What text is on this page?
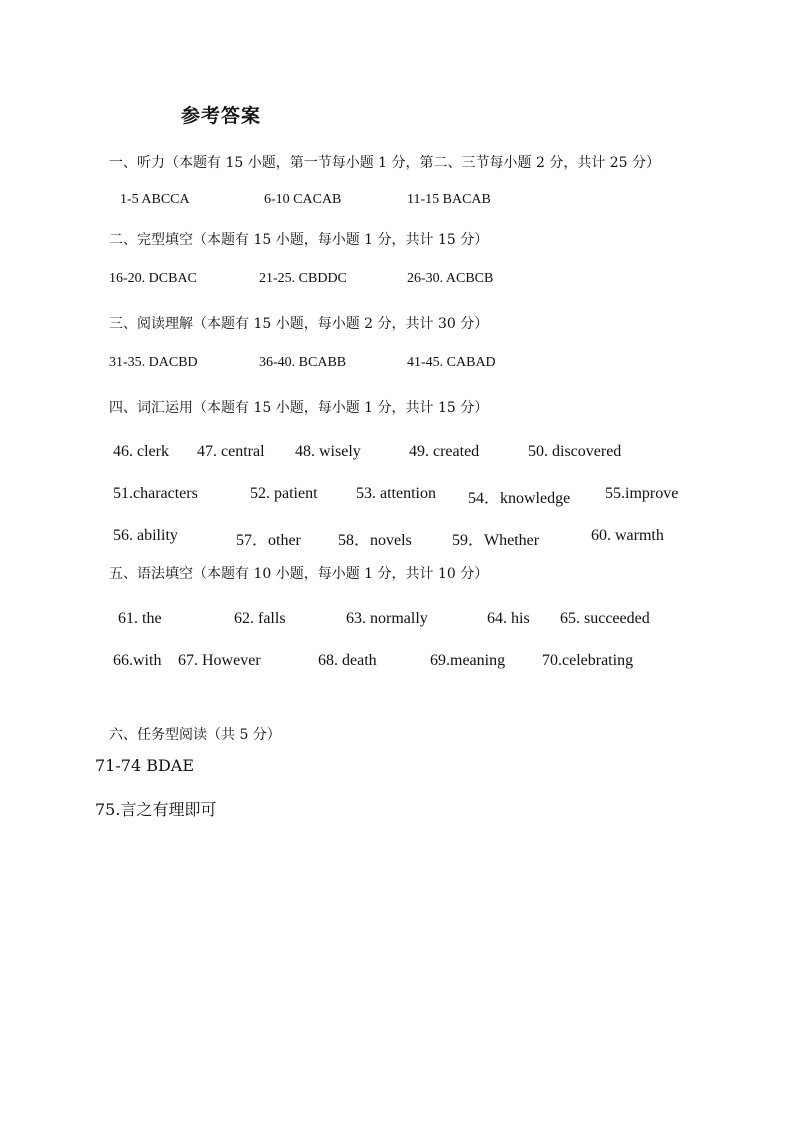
参考答案
一、听力（本题有 15 小题，第一节每小题 1 分，第二、三节每小题 2 分，共计 25 分）
1-5 ABCCA	6-10 CACAB	11-15 BACAB
二、完型填空（本题有 15 小题，每小题 1 分，共计 15 分）
16-20. DCBAC	21-25. CBDDC	26-30. ACBCB
三、阅读理解（本题有 15 小题，每小题 2 分，共计 30 分）
31-35. DACBD	36-40. BCABB	41-45. CABAD
四、词汇运用（本题有 15 小题，每小题 1 分，共计 15 分）
46. clerk 47. central 48. wisely	49. created	50. discovered
51.characters	52. patient 53. attention 54．knowledge 55.improve
56. ability	57．other 58．novels	59．Whether	60. warmth
五、语法填空（本题有 10 小题，每小题 1 分，共计 10 分）
61. the	62. falls	63. normally	64. his 65. succeeded
66.with 67. However	68. death	69.meaning 70.celebrating
六、任务型阅读（共 5 分）
71-74 BDAE
75.言之有理即可
